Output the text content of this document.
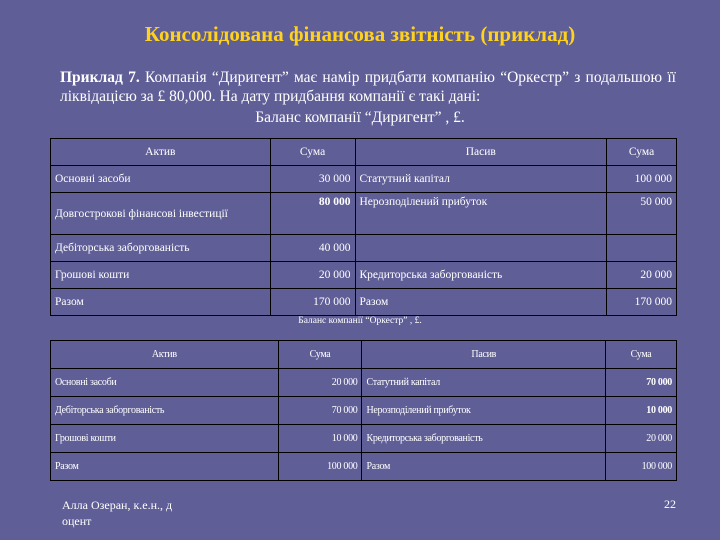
Консолідована фінансова звітність (приклад)

Приклад 7. Компанія “Диригент” має намір придбати компанію “Оркестр” з подальшою її ліквідацією за £ 80,000. На дату придбання компанії є такі дані:

Баланс компанії “Диригент” , £.
Актив	Сума	Пасив	Сума
Основні засоби	30 000	Статутний капітал	100 000

Довгострокові фінансові інвестиції	80 000	Нерозподілений прибуток	50 000
Дебіторська заборгованість	40 000		
Грошові кошти	20 000	Кредиторська заборгованість	20 000
Разом	170 000	Разом	170 000
Баланс компанії “Оркестр” , £.
Актив	Сума	Пасив	Сума
Основні засоби	20 000	Статутний капітал	70 000
Дебіторська заборгованість	70 000	Нерозподілений прибуток	10 000
Грошові кошти	10 000	Кредиторська заборгованість	20 000
Разом	100 000	Разом	100 000
Алла Озеран, к.е.н., д оцент
22
